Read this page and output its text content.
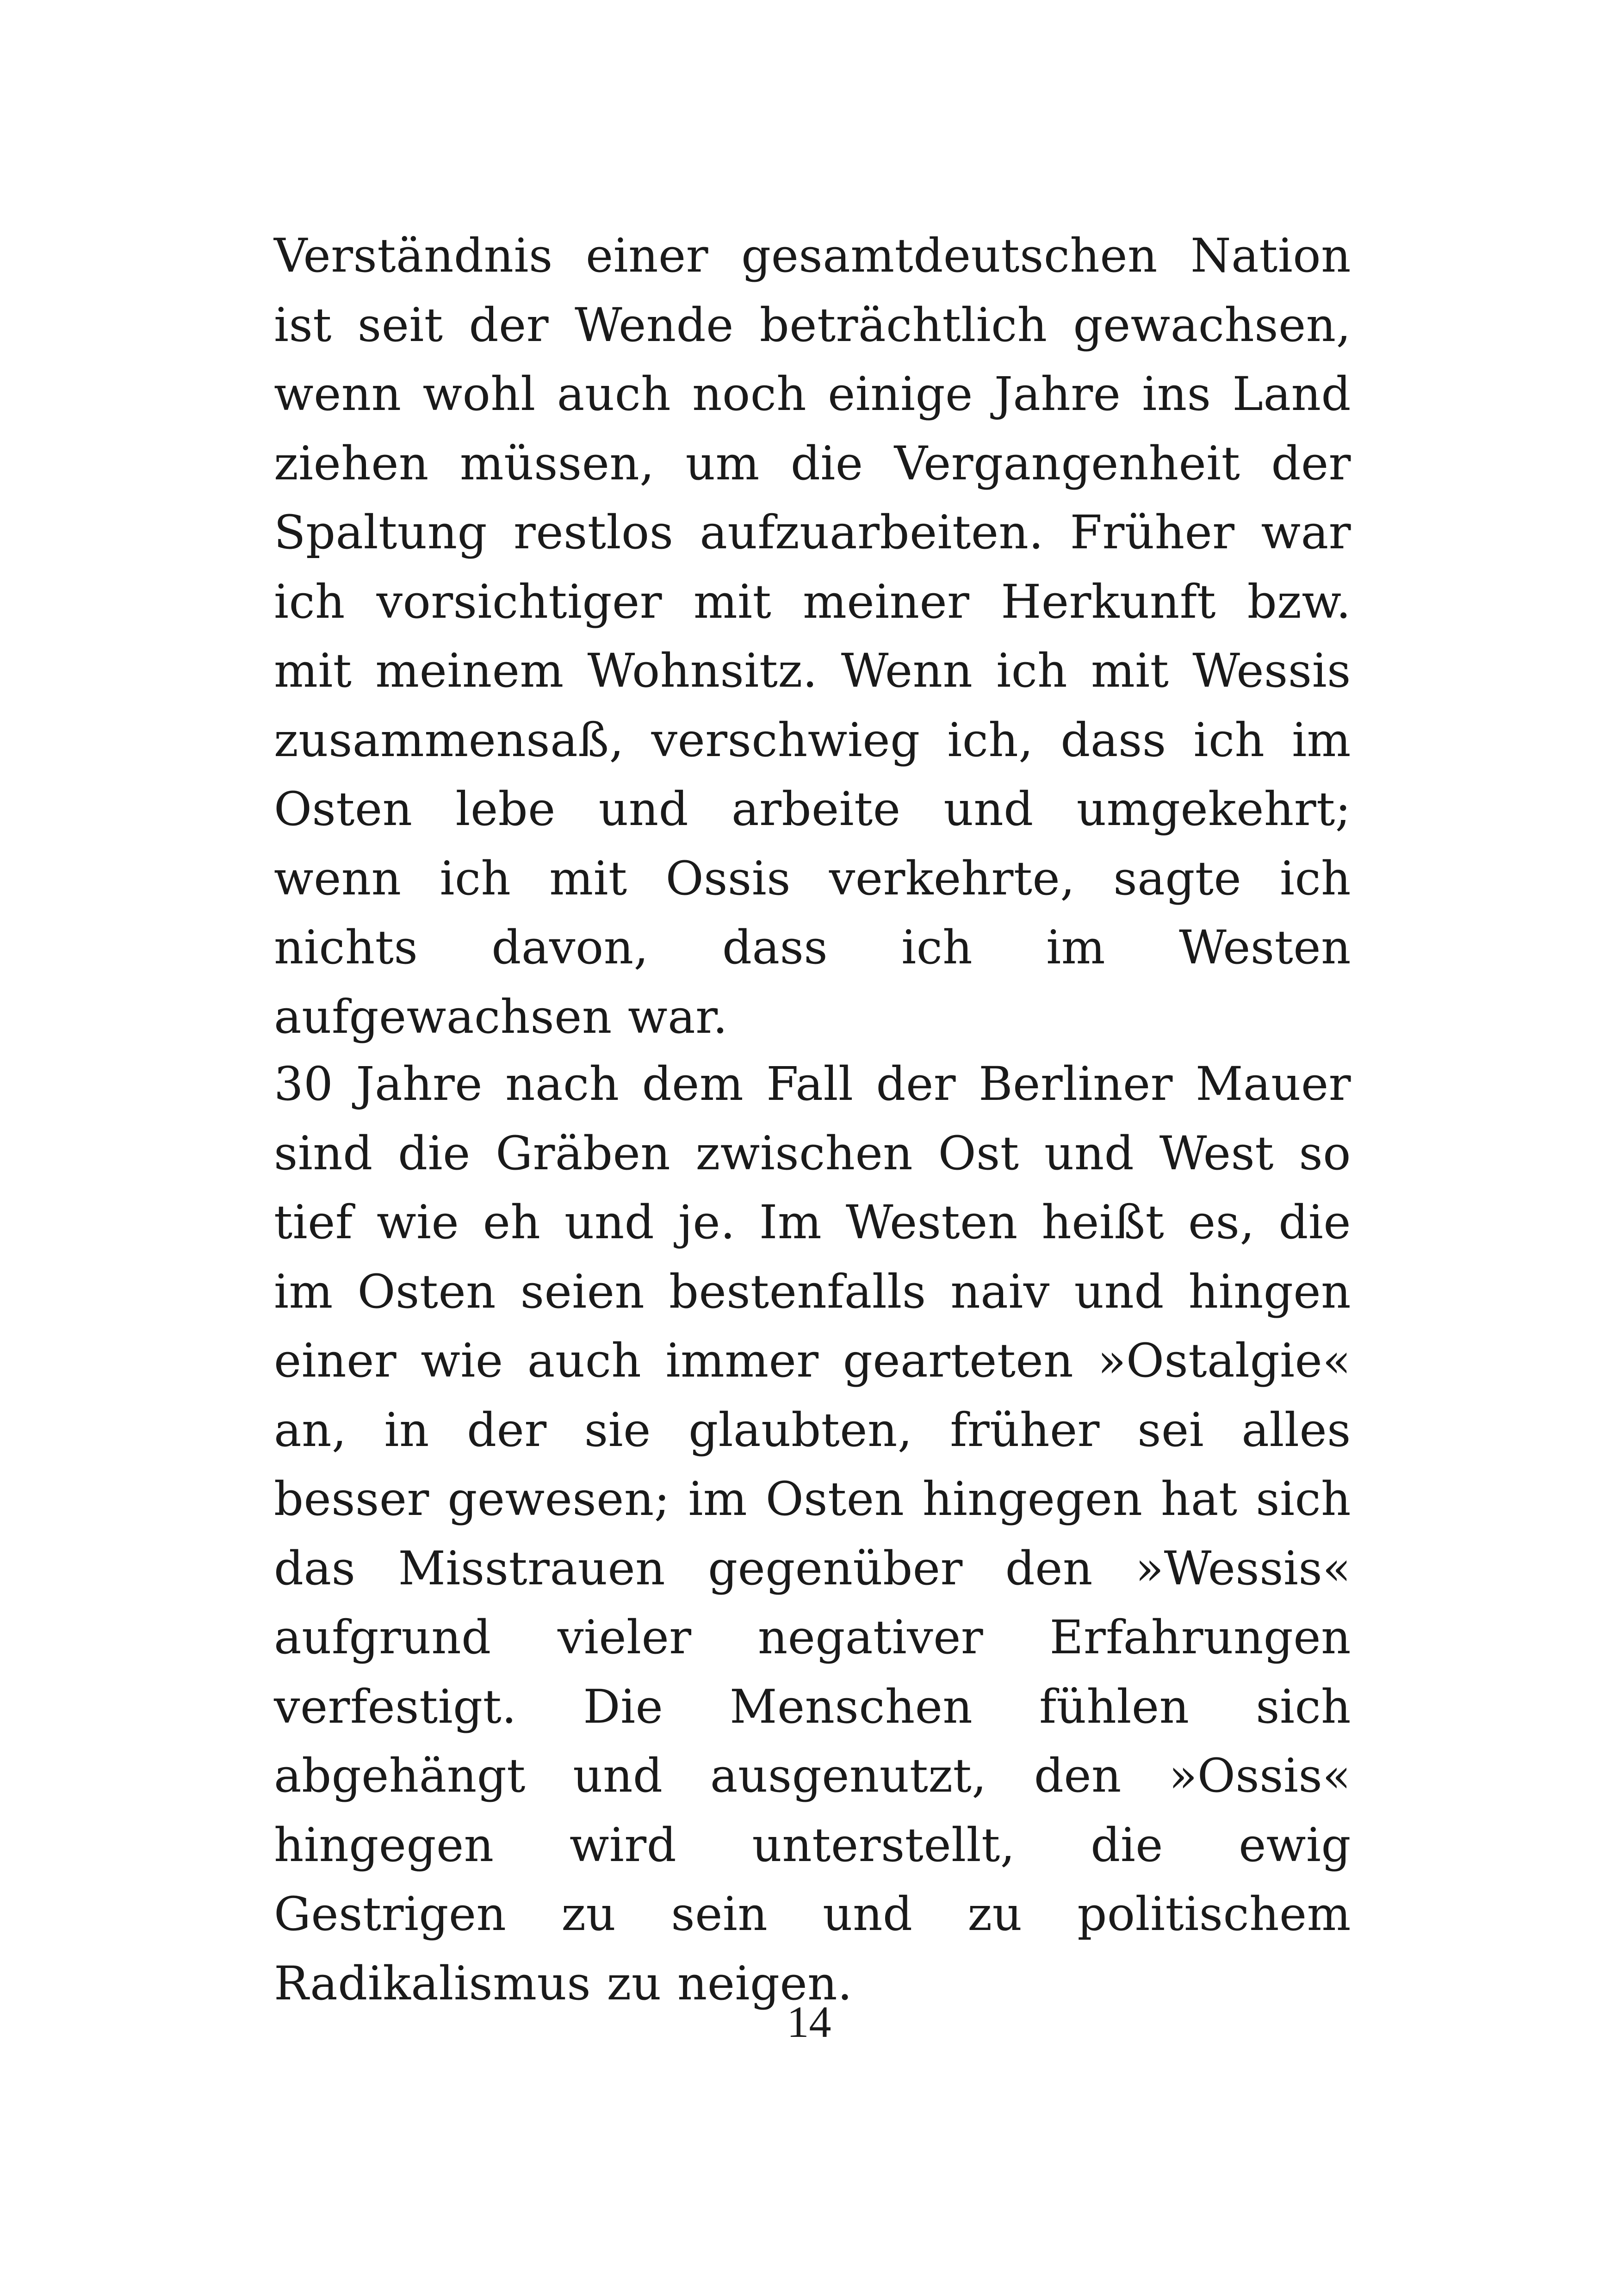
Verständnis einer gesamtdeutschen Nation ist seit der Wende beträchtlich gewachsen, wenn wohl auch noch einige Jahre ins Land ziehen müssen, um die Vergangenheit der Spaltung restlos aufzuarbeiten. Früher war ich vorsichtiger mit meiner Herkunft bzw. mit meinem Wohnsitz. Wenn ich mit Wessis zusammensaß, verschwieg ich, dass ich im Osten lebe und arbeite und umgekehrt; wenn ich mit Ossis verkehrte, sagte ich nichts davon, dass ich im Westen aufgewachsen war.

30 Jahre nach dem Fall der Berliner Mauer sind die Gräben zwischen Ost und West so tief wie eh und je. Im Westen heißt es, die im Osten seien bestenfalls naiv und hingen einer wie auch immer gearteten »Ostalgie« an, in der sie glaubten, früher sei alles besser gewesen; im Osten hingegen hat sich das Misstrauen gegenüber den »Wessis« aufgrund vieler negativer Erfahrungen verfestigt. Die Menschen fühlen sich abgehängt und ausgenutzt, den »Ossis« hingegen wird unterstellt, die ewig Gestrigen zu sein und zu politischem Radikalismus zu neigen.

14
